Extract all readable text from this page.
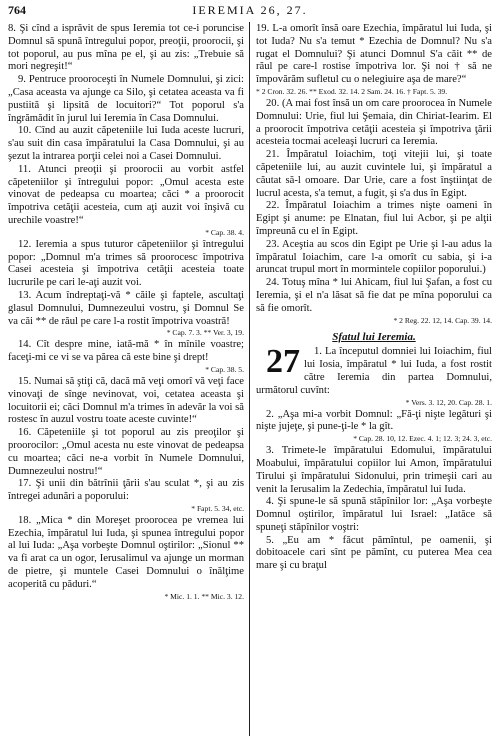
764	IEREMIA 26, 27.

8. Şi cînd a isprăvit de spus Ieremia tot ce-i poruncise Domnul să spună întregului popor, preoţii, proorocii, şi tot poporul, au pus mîna pe el, şi au zis: „Trebuie să mori negreşit!“

9. Pentruce prooroceşti în Numele Domnului, şi zici: „Casa aceasta va ajunge ca Silo, şi cetatea aceasta va fi pustiită şi lipsită de locuitori?“ Tot poporul s'a îngrămădit în jurul lui Ieremia în Casa Domnului.

10. Cînd au auzit căpeteniile lui Iuda aceste lucruri, s'au suit din casa împăratului la Casa Domnului, şi au şezut la intrarea porţii celei noi a Casei Domnului.

11. Atunci preoţii şi proorocii au vorbit astfel căpeteniilor şi întregului popor: „Omul acesta este vinovat de pedeapsa cu moartea; căci * a proorocit împotriva cetăţii acesteia, cum aţi auzit voi înşivă cu urechile voastre!“

* Cap. 38. 4.

12. Ieremia a spus tuturor căpeteniilor şi întregului popor: „Domnul m'a trimes să proorocesc împotriva Casei acesteia şi împotriva cetăţii acesteia toate lucrurile pe cari le-aţi auzit voi.

13. Acum îndreptaţi-vă * căile şi faptele, ascultaţi glasul Domnului, Dumnezeului vostru, şi Domnul Se va căi ** de răul pe care l-a rostit împotriva voastră!

* Cap. 7. 3. ** Ver. 3, 19.

14. Cît despre mine, iată-mă * în mînile voastre; faceţi-mi ce vi se va părea că este bine şi drept!

* Cap. 38. 5.

15. Numai să ştiţi că, dacă mă veţi omorî vă veţi face vinovaţi de sînge nevinovat, voi, cetatea aceasta şi locuitorii ei; căci Domnul m'a trimes în adevăr la voi să rostesc în auzul vostru toate aceste cuvinte!“

16. Căpeteniile şi tot poporul au zis preoţilor şi proorocilor: „Omul acesta nu este vinovat de pedeapsa cu moartea; căci ne-a vorbit în Numele Domnului, Dumnezeului nostru!“

17. Şi unii din bătrînii ţării s'au sculat *, şi au zis întregei adunări a poporului:

* Fapt. 5. 34, etc.

18. „Mica * din Moreşet proorocea pe vremea lui Ezechia, împăratul lui Iuda, şi spunea întregului popor al lui Iuda: „Aşa vorbeşte Domnul oştirilor: „Sionul ** va fi arat ca un ogor, Ierusalimul va ajunge un morman de pietre, şi muntele Casei Domnului o înălţime acoperită cu păduri.“

* Mic. 1. 1. ** Mic. 3. 12.

19. L-a omorît însă oare Ezechia, împăratul lui Iuda, şi tot Iuda? Nu s'a temut * Ezechia de Domnul? Nu s'a rugat el Domnului? Şi atunci Domnul S'a căit ** de răul pe care-l rostise împotriva lor. Şi noi † să ne împovărăm sufletul cu o nelegiuire aşa de mare?“

* 2 Cron. 32. 26. ** Exod. 32. 14. 2 Sam. 24. 16. † Fapt. 5. 39.

20. (A mai fost însă un om care proorocea în Numele Domnului: Urie, fiul lui Şemaia, din Chiriat-Iearim. El a proorocit împotriva cetăţii acesteia şi împotriva ţării acesteia tocmai aceleaşi lucruri ca Ieremia.

21. Împăratul Ioiachim, toţi vitejii lui, şi toate căpeteniile lui, au auzit cuvintele lui, şi împăratul a căutat să-l omoare. Dar Urie, care a fost înştiinţat de lucrul acesta, s'a temut, a fugit, şi s'a dus în Egipt.

22. Împăratul Ioiachim a trimes niştе oameni în Egipt şi anume: pe Elnatan, fiul lui Acbor, şi pe alţii împreună cu el în Egipt.

23. Aceştia au scos din Egipt pe Urie şi l-au adus la împăratul Ioiachim, care l-a omorît cu sabia, şi i-a aruncat trupul mort în mormintele copiilor poporului.)

24. Totuş mîna * lui Ahicam, fiul lui Şafan, a fost cu Ieremia, şi el n'a lăsat să fie dat pe mîna poporului ca să fie omorît.

* 2 Reg. 22. 12, 14. Cap. 39. 14.
Sfatul lui Ieremia.

27 1. La începutul domniei lui Ioiachim, fiul lui Iosia, împăratul * lui Iuda, a fost rostit către Ieremia din partea Domnului, următorul cuvînt:

* Vers. 3. 12, 20. Cap. 28. 1.

2. „Aşa mi-a vorbit Domnul: „Fă-ţi niştе legături şi niştе jujeţe, şi pune-ţi-le * la gît.

* Cap. 28. 10, 12. Ezec. 4. 1; 12. 3; 24. 3, etc.

3. Trimete-le împăratului Edomului, împăratului Moabului, împăratului copiilor lui Amon, împăratului Tirului şi împăratului Sidonului, prin trimeşii cari au venit la Ierusalim la Zedechia, împăratul lui Iuda.

4. Şi spune-le să spună stăpînilor lor: „Aşa vorbeşte Domnul oştirilor, împăratul lui Israel: „Iatăce să spuneţi stăpînilor voştri:

5. „Eu am * făcut pămîntul, pe oamenii, şi dobitoacele cari sînt pe pămînt, cu puterea Mea cea mare şi cu braţul
